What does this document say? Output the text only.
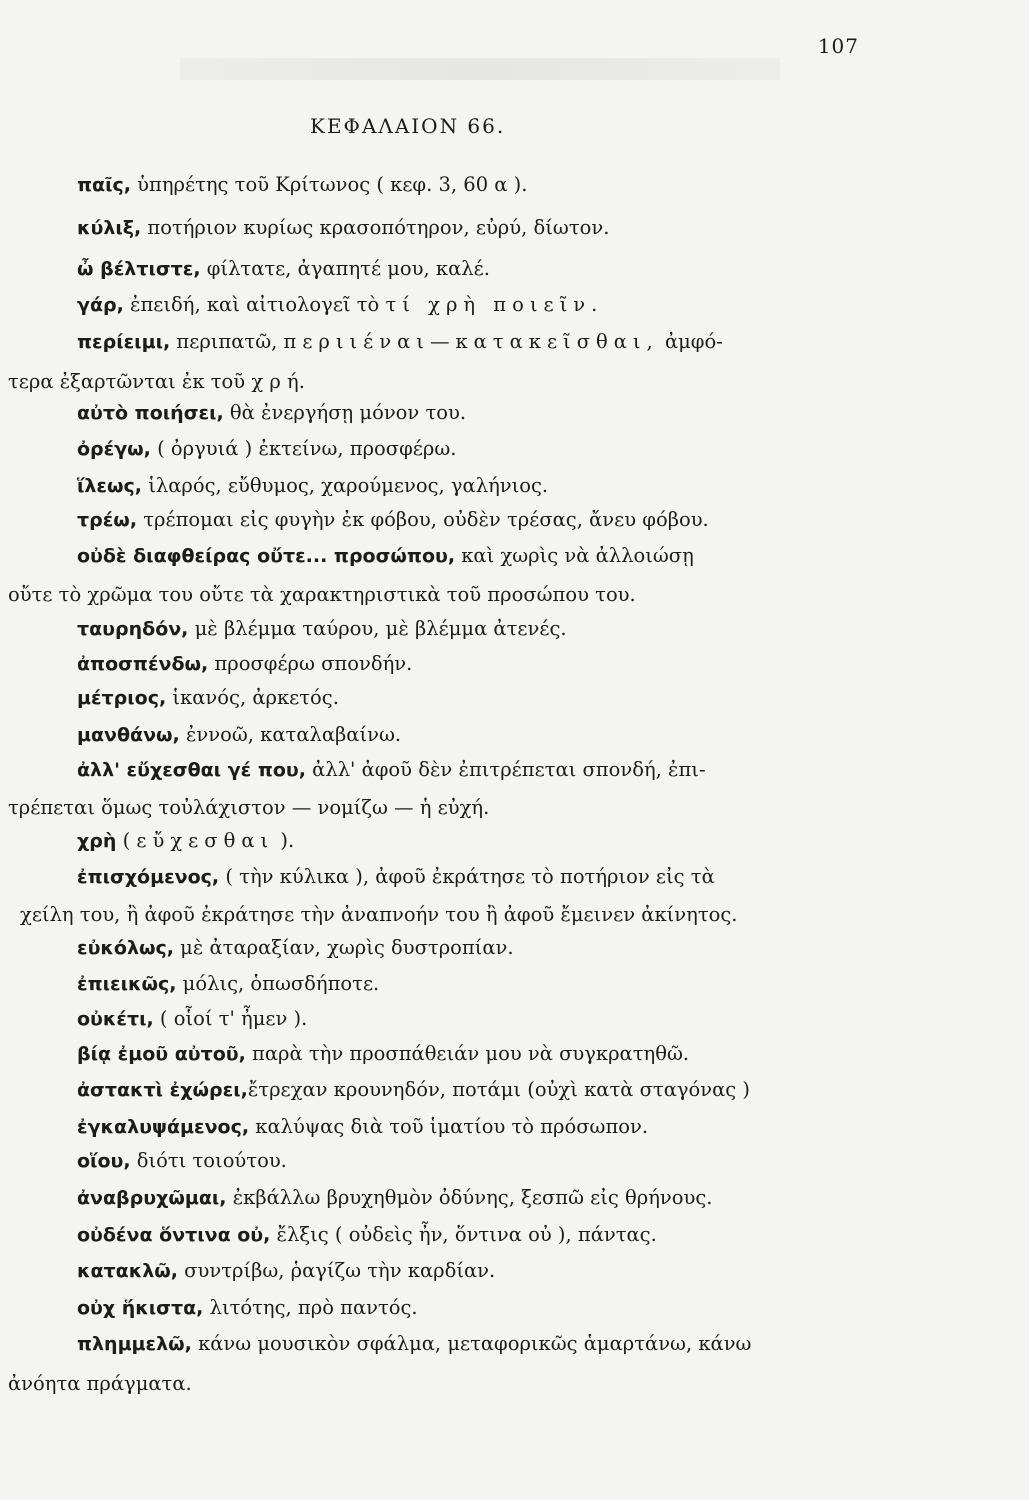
107
ΚΕΦΑΛΑΙΟΝ 66.
παῖς, ὑπηρέτης τοῦ Κρίτωνος ( κεφ. 3, 60 α ).
κύλιξ, ποτήριον κυρίως κρασοπότηρον, εὐρύ, δίωτον.
ὦ βέλτιστε, φίλτατε, ἀγαπητέ μου, καλέ.
γάρ, ἐπειδή, καὶ αἰτιολογεῖ τὸ τί χρὴ ποιεῖν.
περίειμι, περιπατῶ, περιιέναι—κατακεῖσθαι, ἀμφό-
τερα ἐξαρτῶνται ἐκ τοῦ χ ρ ή.
αὐτὸ ποιήσει, θὰ ἐνεργήσῃ μόνον του.
ὀρέγω, ( ὀργυιά ) ἐκτείνω, προσφέρω.
ἵλεως, ἱλαρός, εὔθυμος, χαρούμενος, γαλήνιος.
τρέω, τρέπομαι εἰς φυγὴν ἐκ φόβου, οὐδὲν τρέσας, ἄνευ φόβου.
οὐδὲ διαφθείρας οὔτε... προσώπου, καὶ χωρὶς νὰ ἀλλοιώσῃ
οὔτε τὸ χρῶμα του οὔτε τὰ χαρακτηριστικὰ τοῦ προσώπου του.
ταυρηδόν, μὲ βλέμμα ταύρου, μὲ βλέμμα ἀτενές.
ἀποσπένδω, προσφέρω σπονδήν.
μέτριος, ἱκανός, ἀρκετός.
μανθάνω, ἐννοῶ, καταλαβαίνω.
ἀλλ' εὔχεσθαι γέ που, ἀλλ' ἀφοῦ δὲν ἐπιτρέπεται σπονδή, ἐπι-
τρέπεται ὅμως τοὐλάχιστον — νομίζω — ἡ εὐχή.
χρὴ ( εὔχεσθαι ).
ἐπισχόμενος, ( τὴν κύλικα ), ἀφοῦ ἐκράτησε τὸ ποτήριον εἰς τὰ
χείλη του, ἢ ἀφοῦ ἐκράτησε τὴν ἀναπνοήν του ἢ ἀφοῦ ἔμεινεν ἀκίνητος.
εὐκόλως, μὲ ἀταραξίαν, χωρὶς δυστροπίαν.
ἐπιεικῶς, μόλις, ὁπωσδήποτε.
οὐκέτι, ( οἷοί τ' ἦμεν ).
βίᾳ ἐμοῦ αὐτοῦ, παρὰ τὴν προσπάθειάν μου νὰ συγκρατηθῶ.
ἀστακτὶ ἐχώρει,ἔτρεχαν κρουνηδόν, ποτάμι (οὐχὶ κατὰ σταγόνας )
ἐγκαλυψάμενος, καλύψας διὰ τοῦ ἱματίου τὸ πρόσωπον.
οἵου, διότι τοιούτου.
ἀναβρυχῶμαι, ἐκβάλλω βρυχηθμὸν ὀδύνης, ξεσπῶ εἰς θρήνους.
οὐδένα ὅντινα οὐ, ἔλξις ( οὐδεὶς ἦν, ὅντινα οὐ ), πάντας.
κατακλῶ, συντρίβω, ῥαγίζω τὴν καρδίαν.
οὐχ ἥκιστα, λιτότης, πρὸ παντός.
πλημμελῶ, κάνω μουσικὸν σφάλμα, μεταφορικῶς ἁμαρτάνω, κάνω
ἀνόητα πράγματα.
